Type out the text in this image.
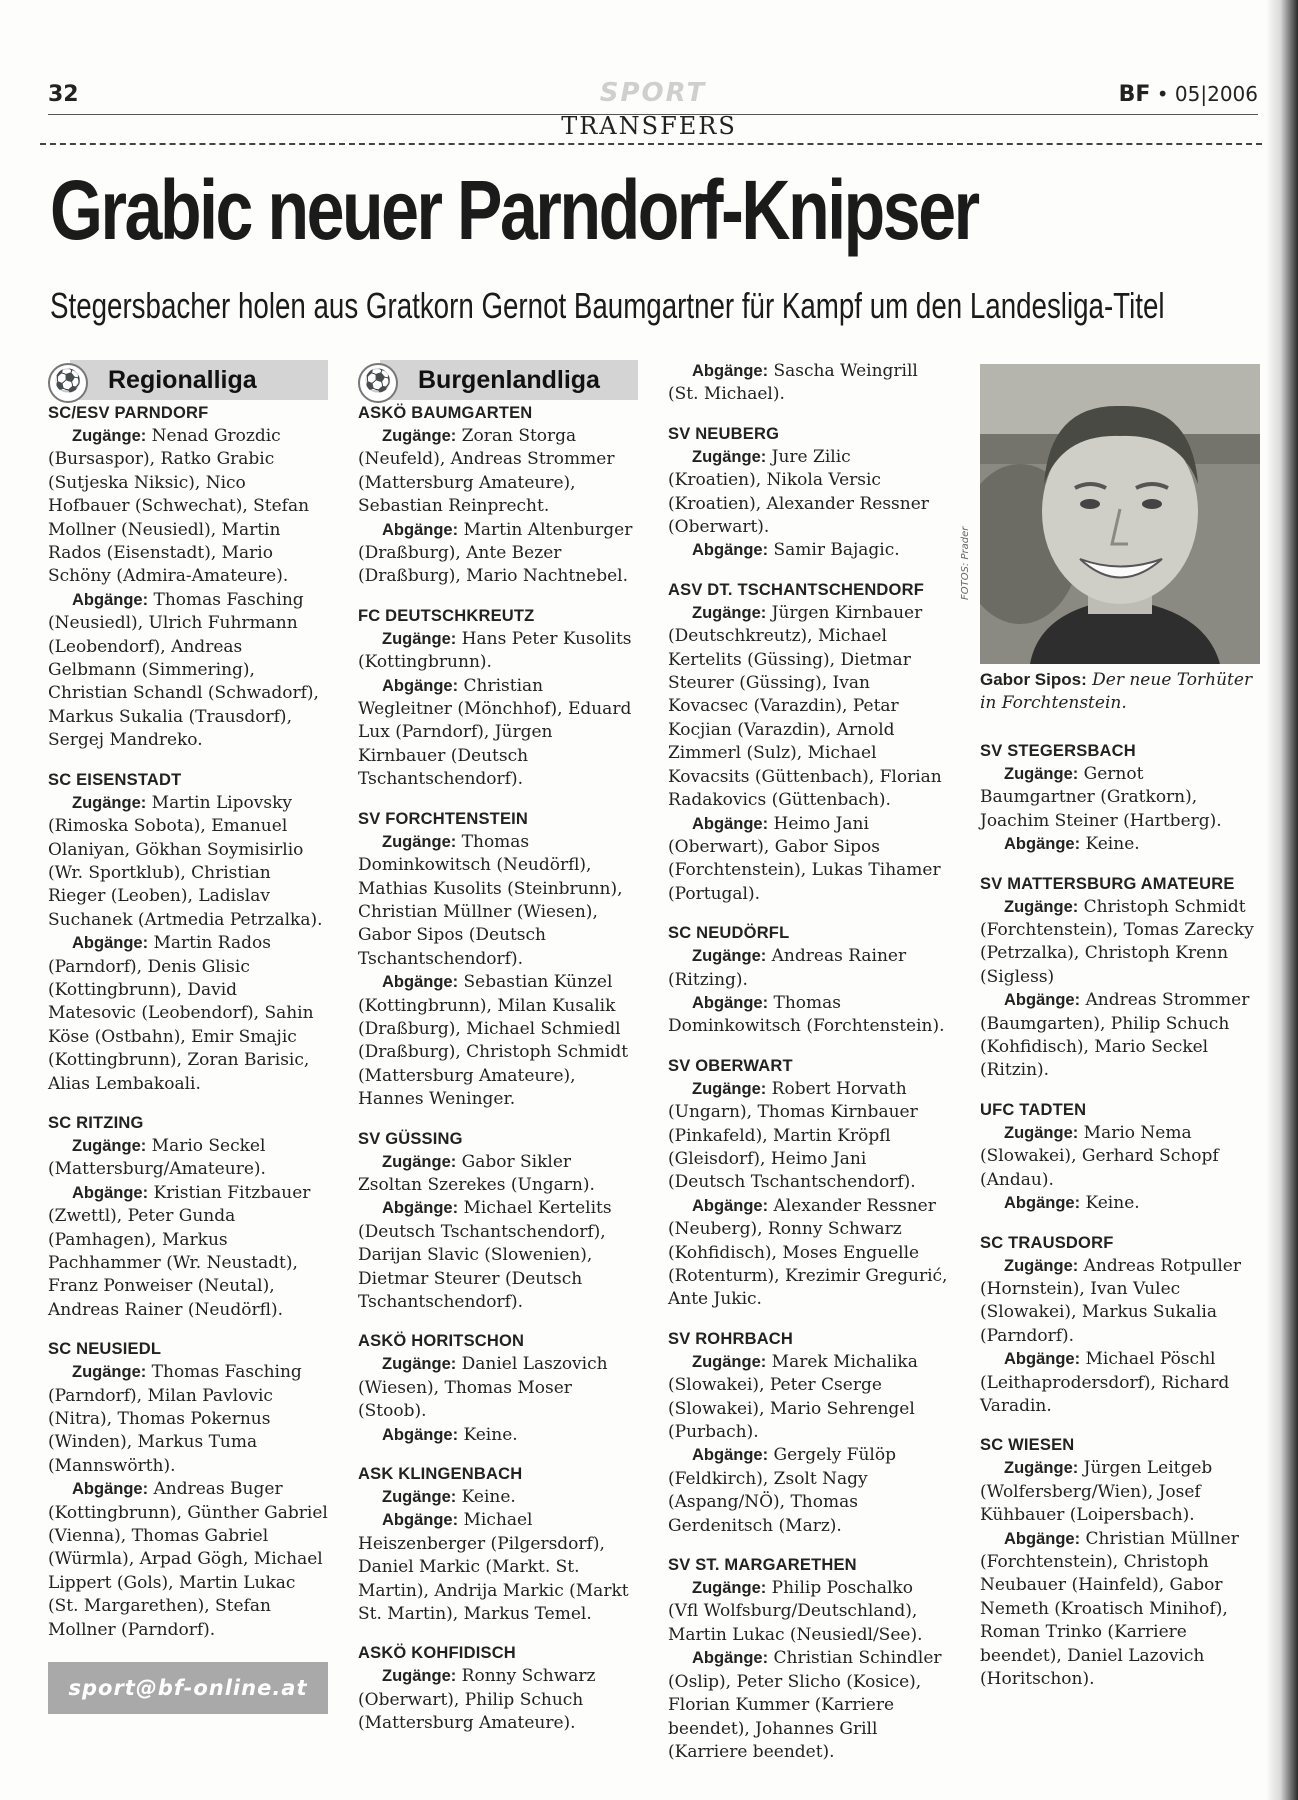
32	SPORT	BF • 05|2006
TRANSFERS
Grabic neuer Parndorf-Knipser

Stegersbacher holen aus Gratkorn Gernot Baumgartner für Kampf um den Landesliga-Titel

⚽ Regionalliga

SC/ESV PARNDORF

Zugänge: Nenad Grozdic (Bursaspor), Ratko Grabic (Sutjeska Niksic), Nico Hofbauer (Schwechat), Stefan Mollner (Neusiedl), Martin Rados (Eisenstadt), Mario Schöny (Admira-Amateure).

Abgänge: Thomas Fasching (Neusiedl), Ulrich Fuhrmann (Leobendorf), Andreas Gelbmann (Simmering), Christian Schandl (Schwadorf), Markus Sukalia (Trausdorf), Sergej Mandreko.

SC EISENSTADT

Zugänge: Martin Lipovsky (Rimoska Sobota), Emanuel Olaniyan, Gökhan Soymisirlio (Wr. Sportklub), Christian Rieger (Leoben), Ladislav Suchanek (Artmedia Petrzalka).

Abgänge: Martin Rados (Parndorf), Denis Glisic (Kottingbrunn), David Matesovic (Leobendorf), Sahin Köse (Ostbahn), Emir Smajic (Kottingbrunn), Zoran Barisic, Alias Lembakoali.

SC RITZING

Zugänge: Mario Seckel (Mattersburg/Amateure).

Abgänge: Kristian Fitzbauer (Zwettl), Peter Gunda (Pamhagen), Markus Pachhammer (Wr. Neustadt), Franz Ponweiser (Neutal), Andreas Rainer (Neudörfl).

SC NEUSIEDL

Zugänge: Thomas Fasching (Parndorf), Milan Pavlovic (Nitra), Thomas Pokernus (Winden), Markus Tuma (Mannswörth).

Abgänge: Andreas Buger (Kottingbrunn), Günther Gabriel (Vienna), Thomas Gabriel (Würmla), Arpad Gögh, Michael Lippert (Gols), Martin Lukac (St. Margarethen), Stefan Mollner (Parndorf).

sport@bf-online.at
⚽ Burgenlandliga

ASKÖ BAUMGARTEN

Zugänge: Zoran Storga (Neufeld), Andreas Strommer (Mattersburg Amateure), Sebastian Reinprecht.

Abgänge: Martin Altenburger (Draßburg), Ante Bezer (Draßburg), Mario Nachtnebel.

FC DEUTSCHKREUTZ

Zugänge: Hans Peter Kusolits (Kottingbrunn).

Abgänge: Christian Wegleitner (Mönchhof), Eduard Lux (Parndorf), Jürgen Kirnbauer (Deutsch Tschantschendorf).

SV FORCHTENSTEIN

Zugänge: Thomas Dominkowitsch (Neudörfl), Mathias Kusolits (Steinbrunn), Christian Müllner (Wiesen), Gabor Sipos (Deutsch Tschantschendorf).

Abgänge: Sebastian Künzel (Kottingbrunn), Milan Kusalik (Draßburg), Michael Schmiedl (Draßburg), Christoph Schmidt (Mattersburg Amateure), Hannes Weninger.

SV GÜSSING

Zugänge: Gabor Sikler Zsoltan Szerekes (Ungarn).

Abgänge: Michael Kertelits (Deutsch Tschantschendorf), Darijan Slavic (Slowenien), Dietmar Steurer (Deutsch Tschantschendorf).

ASKÖ HORITSCHON

Zugänge: Daniel Laszovich (Wiesen), Thomas Moser (Stoob).

Abgänge: Keine.

ASK KLINGENBACH

Zugänge: Keine.

Abgänge: Michael Heiszenberger (Pilgersdorf), Daniel Markic (Markt. St. Martin), Andrija Markic (Markt St. Martin), Markus Temel.

ASKÖ KOHFIDISCH

Zugänge: Ronny Schwarz (Oberwart), Philip Schuch (Mattersburg Amateure).

Abgänge: Sascha Weingrill (St. Michael).

SV NEUBERG

Zugänge: Jure Zilic (Kroatien), Nikola Versic (Kroatien), Alexander Ressner (Oberwart).

Abgänge: Samir Bajagic.

ASV DT. TSCHANTSCHENDORF

Zugänge: Jürgen Kirnbauer (Deutschkreutz), Michael Kertelits (Güssing), Dietmar Steurer (Güssing), Ivan Kovacsec (Varazdin), Petar Kocjian (Varazdin), Arnold Zimmerl (Sulz), Michael Kovacsits (Güttenbach), Florian Radakovics (Güttenbach).

Abgänge: Heimo Jani (Oberwart), Gabor Sipos (Forchtenstein), Lukas Tihamer (Portugal).

SC NEUDÖRFL

Zugänge: Andreas Rainer (Ritzing).

Abgänge: Thomas Dominkowitsch (Forchtenstein).

SV OBERWART

Zugänge: Robert Horvath (Ungarn), Thomas Kirnbauer (Pinkafeld), Martin Kröpfl (Gleisdorf), Heimo Jani (Deutsch Tschantschendorf).

Abgänge: Alexander Ressner (Neuberg), Ronny Schwarz (Kohfidisch), Moses Enguelle (Rotenturm), Krezimir Gregurić, Ante Jukic.

SV ROHRBACH

Zugänge: Marek Michalika (Slowakei), Peter Cserge (Slowakei), Mario Sehrengel (Purbach).

Abgänge: Gergely Fülöp (Feldkirch), Zsolt Nagy (Aspang/NÖ), Thomas Gerdenitsch (Marz).

SV ST. MARGARETHEN

Zugänge: Philip Poschalko (Vfl Wolfsburg/Deutschland), Martin Lukac (Neusiedl/See).

Abgänge: Christian Schindler (Oslip), Peter Slicho (Kosice), Florian Kummer (Karriere beendet), Johannes Grill (Karriere beendet).

FOTOS: Prader
Gabor Sipos: Der neue Torhüter in Forchtenstein.

SV STEGERSBACH

Zugänge: Gernot Baumgartner (Gratkorn), Joachim Steiner (Hartberg).

Abgänge: Keine.

SV MATTERSBURG AMATEURE

Zugänge: Christoph Schmidt (Forchtenstein), Tomas Zarecky (Petrzalka), Christoph Krenn (Sigless)

Abgänge: Andreas Strommer (Baumgarten), Philip Schuch (Kohfidisch), Mario Seckel (Ritzin).

UFC TADTEN

Zugänge: Mario Nema (Slowakei), Gerhard Schopf (Andau).

Abgänge: Keine.

SC TRAUSDORF

Zugänge: Andreas Rotpuller (Hornstein), Ivan Vulec (Slowakei), Markus Sukalia (Parndorf).

Abgänge: Michael Pöschl (Leithaprodersdorf), Richard Varadin.

SC WIESEN

Zugänge: Jürgen Leitgeb (Wolfersberg/Wien), Josef Kühbauer (Loipersbach).

Abgänge: Christian Müllner (Forchtenstein), Christoph Neubauer (Hainfeld), Gabor Nemeth (Kroatisch Minihof), Roman Trinko (Karriere beendet), Daniel Lazovich (Horitschon).
